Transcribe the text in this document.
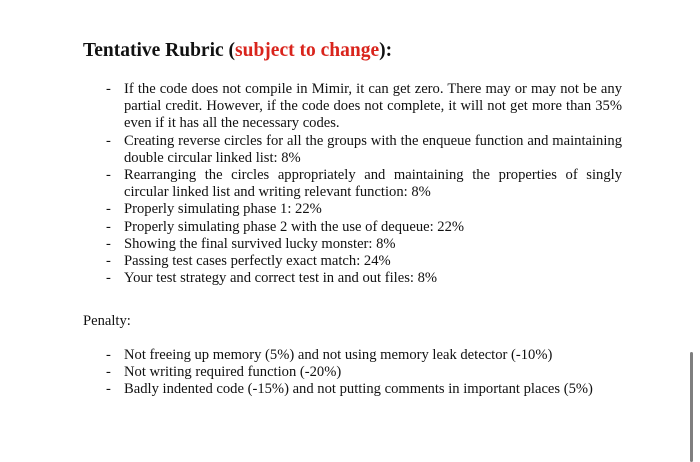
Tentative Rubric (subject to change):
- If the code does not compile in Mimir, it can get zero. There may or may not be any partial credit. However, if the code does not complete, it will not get more than 35% even if it has all the necessary codes.
- Creating reverse circles for all the groups with the enqueue function and maintaining double circular linked list: 8%
- Rearranging the circles appropriately and maintaining the properties of singly circular linked list and writing relevant function: 8%
- Properly simulating phase 1: 22%
- Properly simulating phase 2 with the use of dequeue: 22%
- Showing the final survived lucky monster: 8%
- Passing test cases perfectly exact match: 24%
- Your test strategy and correct test in and out files: 8%

Penalty:

- Not freeing up memory (5%) and not using memory leak detector (-10%)
- Not writing required function (-20%)
- Badly indented code (-15%) and not putting comments in important places (5%)
